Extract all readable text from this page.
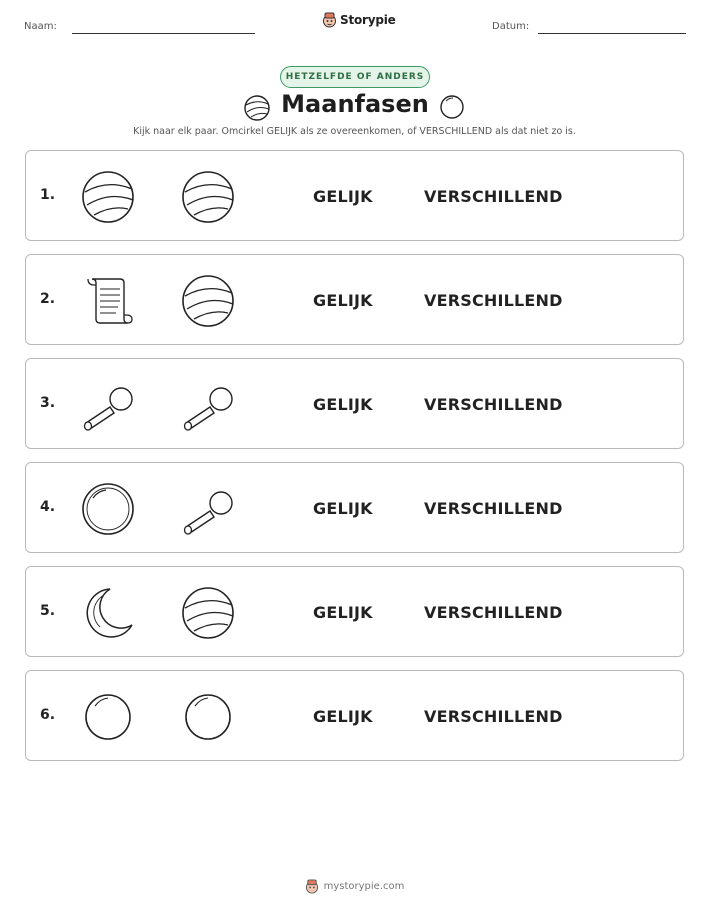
Naam:	Storypie	Datum:
HETZELFDE OF ANDERS
Maanfasen
Kijk naar elk paar. Omcirkel GELIJK als ze overeenkomen, of VERSCHILLEND als dat niet zo is.
1.	GELIJK	VERSCHILLEND
2.	GELIJK	VERSCHILLEND
3.	GELIJK	VERSCHILLEND
4.	GELIJK	VERSCHILLEND
5.	GELIJK	VERSCHILLEND
6.	GELIJK	VERSCHILLEND
mystorypie.com
